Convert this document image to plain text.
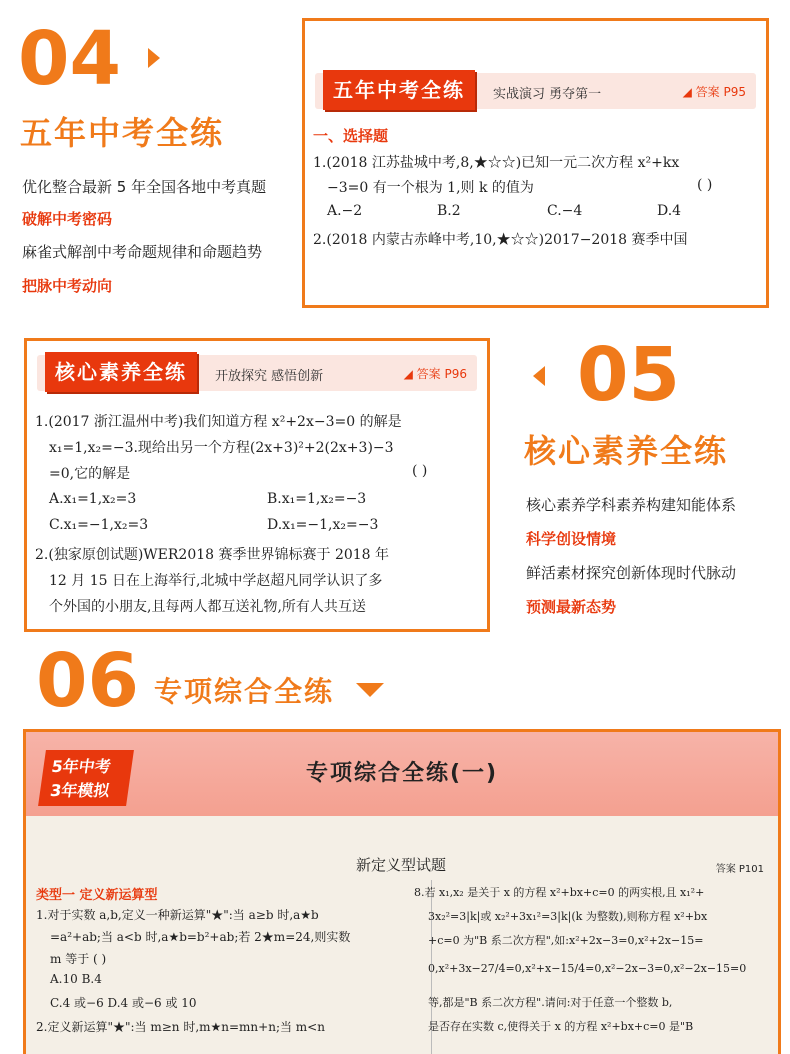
04
五年中考全练
优化整合最新 5 年全国各地中考真题
破解中考密码
麻雀式解剖中考命题规律和命题趋势
把脉中考动向
五年中考全练	实战演习 勇夺第一	◢ 答案 P95
一、选择题
1.(2018 江苏盐城中考,8,★☆☆)已知一元二次方程 x²+kx
−3=0 有一个根为 1,则 k 的值为	( )
A.−2	B.2	C.−4	D.4
2.(2018 内蒙古赤峰中考,10,★☆☆)2017−2018 赛季中国
核心素养全练	开放探究 感悟创新	◢ 答案 P96
1.(2017 浙江温州中考)我们知道方程 x²+2x−3=0 的解是
x₁=1,x₂=−3.现给出另一个方程(2x+3)²+2(2x+3)−3
=0,它的解是	( )
A.x₁=1,x₂=3	B.x₁=1,x₂=−3
C.x₁=−1,x₂=3	D.x₁=−1,x₂=−3
2.(独家原创试题)WER2018 赛季世界锦标赛于 2018 年
12 月 15 日在上海举行,北城中学赵超凡同学认识了多
个外国的小朋友,且每两人都互送礼物,所有人共互送
05
核心素养全练
核心素养学科素养构建知能体系
科学创设情境
鲜活素材探究创新体现时代脉动
预测最新态势
06 专项综合全练
5年中考
3年模拟
专项综合全练(一)
新定义型试题	答案 P101
类型一 定义新运算型
1.对于实数 a,b,定义一种新运算"★":当 a≥b 时,a★b
=a²+ab;当 a<b 时,a★b=b²+ab;若 2★m=24,则实数
m 等于 ( )
A.10 B.4
C.4 或−6 D.4 或−6 或 10
2.定义新运算"★":当 m≥n 时,m★n=mn+n;当 m<n
8.若 x₁,x₂ 是关于 x 的方程 x²+bx+c=0 的两实根,且 x₁²+
3x₂²=3|k|或 x₂²+3x₁²=3|k|(k 为整数),则称方程 x²+bx
+c=0 为"B 系二次方程",如:x²+2x−3=0,x²+2x−15=
0,x²+3x−27/4=0,x²+x−15/4=0,x²−2x−3=0,x²−2x−15=0
等,都是"B 系二次方程".请问:对于任意一个整数 b,
是否存在实数 c,使得关于 x 的方程 x²+bx+c=0 是"B
